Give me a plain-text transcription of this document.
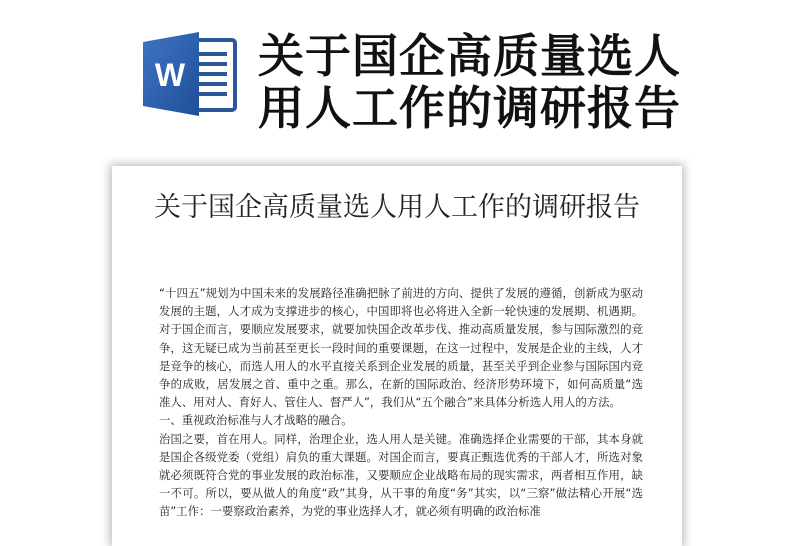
W 关于国企高质量选人用人工作的调研报告
关于国企高质量选人用人工作的调研报告

“十四五”规划为中国未来的发展路径准确把脉了前进的方向、提供了发展的遵循，创新成为驱动发展的主题，人才成为支撑进步的核心，中国即将也必将进入全新一轮快速的发展期、机遇期。对于国企而言，要顺应发展要求，就要加快国企改革步伐、推动高质量发展，参与国际激烈的竞争，这无疑已成为当前甚至更长一段时间的重要课题，在这一过程中，发展是企业的主线，人才是竞争的核心，而选人用人的水平直接关系到企业发展的质量，甚至关乎到企业参与国际国内竞争的成败，居发展之首、重中之重。那么，在新的国际政治、经济形势环境下，如何高质量“选准人、用对人、育好人、管住人、督严人”，我们从“五个融合”来具体分析选人用人的方法。

一、重视政治标准与人才战略的融合。

治国之要，首在用人。同样，治理企业，选人用人是关键。准确选择企业需要的干部，其本身就是国企各级党委（党组）肩负的重大课题。对国企而言，要真正甄选优秀的干部人才，所选对象就必须既符合党的事业发展的政治标准，又要顺应企业战略布局的现实需求，两者相互作用，缺一不可。所以，要从做人的角度“政”其身，从干事的角度“务”其实，以“三察”做法精心开展“选苗”工作：一要察政治素养，为党的事业选择人才，就必须有明确的政治标准
